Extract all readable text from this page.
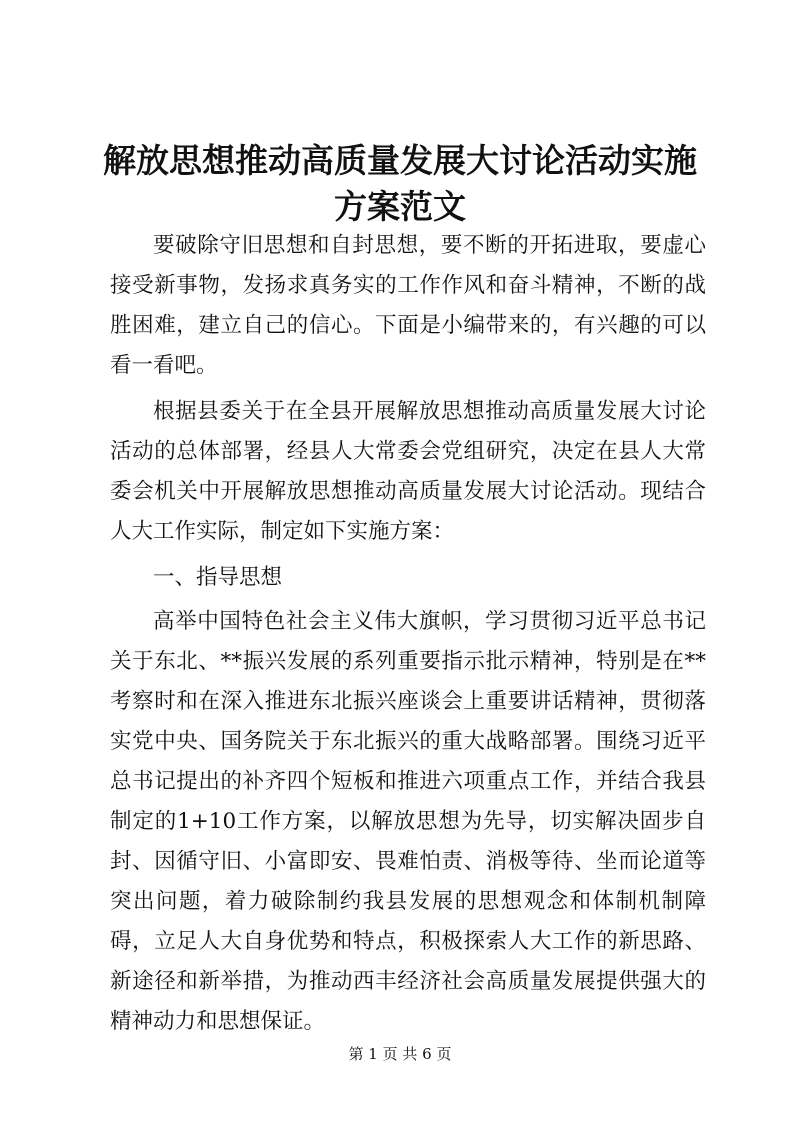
解放思想推动高质量发展大讨论活动实施方案范文

要破除守旧思想和自封思想，要不断的开拓进取，要虚心接受新事物，发扬求真务实的工作作风和奋斗精神，不断的战胜困难，建立自己的信心。下面是小编带来的，有兴趣的可以看一看吧。

根据县委关于在全县开展解放思想推动高质量发展大讨论活动的总体部署，经县人大常委会党组研究，决定在县人大常委会机关中开展解放思想推动高质量发展大讨论活动。现结合人大工作实际，制定如下实施方案：

一、指导思想

高举中国特色社会主义伟大旗帜，学习贯彻习近平总书记关于东北、**振兴发展的系列重要指示批示精神，特别是在**考察时和在深入推进东北振兴座谈会上重要讲话精神，贯彻落实党中央、国务院关于东北振兴的重大战略部署。围绕习近平总书记提出的补齐四个短板和推进六项重点工作，并结合我县制定的1+10工作方案，以解放思想为先导，切实解决固步自封、因循守旧、小富即安、畏难怕责、消极等待、坐而论道等突出问题，着力破除制约我县发展的思想观念和体制机制障碍，立足人大自身优势和特点，积极探索人大工作的新思路、新途径和新举措，为推动西丰经济社会高质量发展提供强大的精神动力和思想保证。

第 1 页 共 6 页
